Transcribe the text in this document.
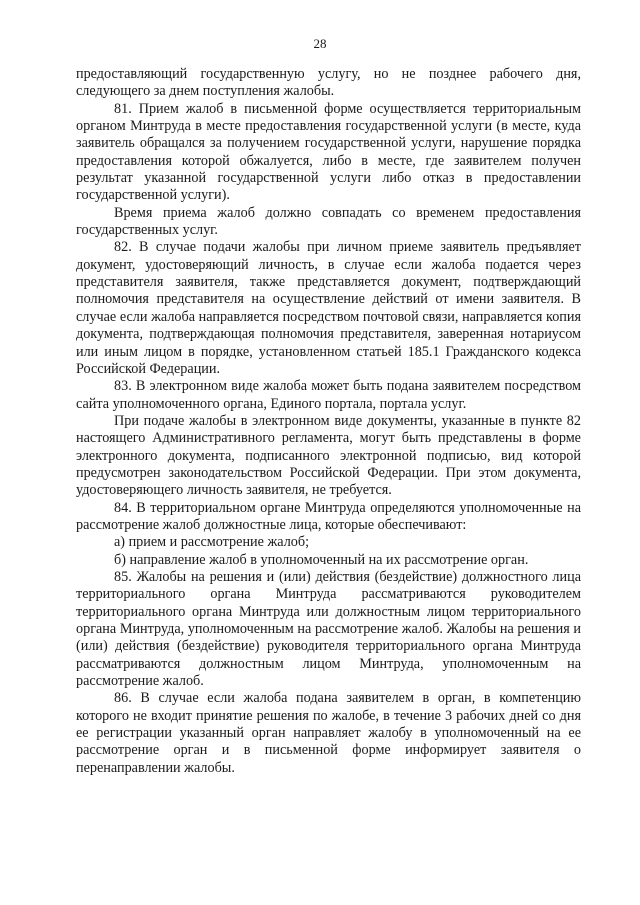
28

предоставляющий государственную услугу, но не позднее рабочего дня, следующего за днем поступления жалобы.

81. Прием жалоб в письменной форме осуществляется территориальным органом Минтруда в месте предоставления государственной услуги (в месте, куда заявитель обращался за получением государственной услуги, нарушение порядка предоставления которой обжалуется, либо в месте, где заявителем получен результат указанной государственной услуги либо отказ в предоставлении государственной услуги).

Время приема жалоб должно совпадать со временем предоставления государственных услуг.

82. В случае подачи жалобы при личном приеме заявитель предъявляет документ, удостоверяющий личность, в случае если жалоба подается через представителя заявителя, также представляется документ, подтверждающий полномочия представителя на осуществление действий от имени заявителя. В случае если жалоба направляется посредством почтовой связи, направляется копия документа, подтверждающая полномочия представителя, заверенная нотариусом или иным лицом в порядке, установленном статьей 185.1 Гражданского кодекса Российской Федерации.

83. В электронном виде жалоба может быть подана заявителем посредством сайта уполномоченного органа, Единого портала, портала услуг.

При подаче жалобы в электронном виде документы, указанные в пункте 82 настоящего Административного регламента, могут быть представлены в форме электронного документа, подписанного электронной подписью, вид которой предусмотрен законодательством Российской Федерации. При этом документа, удостоверяющего личность заявителя, не требуется.

84. В территориальном органе Минтруда определяются уполномоченные на рассмотрение жалоб должностные лица, которые обеспечивают:

а) прием и рассмотрение жалоб;

б) направление жалоб в уполномоченный на их рассмотрение орган.

85. Жалобы на решения и (или) действия (бездействие) должностного лица территориального органа Минтруда рассматриваются руководителем территориального органа Минтруда или должностным лицом территориального органа Минтруда, уполномоченным на рассмотрение жалоб. Жалобы на решения и (или) действия (бездействие) руководителя территориального органа Минтруда рассматриваются должностным лицом Минтруда, уполномоченным на рассмотрение жалоб.

86. В случае если жалоба подана заявителем в орган, в компетенцию которого не входит принятие решения по жалобе, в течение 3 рабочих дней со дня ее регистрации указанный орган направляет жалобу в уполномоченный на ее рассмотрение орган и в письменной форме информирует заявителя о перенаправлении жалобы.
